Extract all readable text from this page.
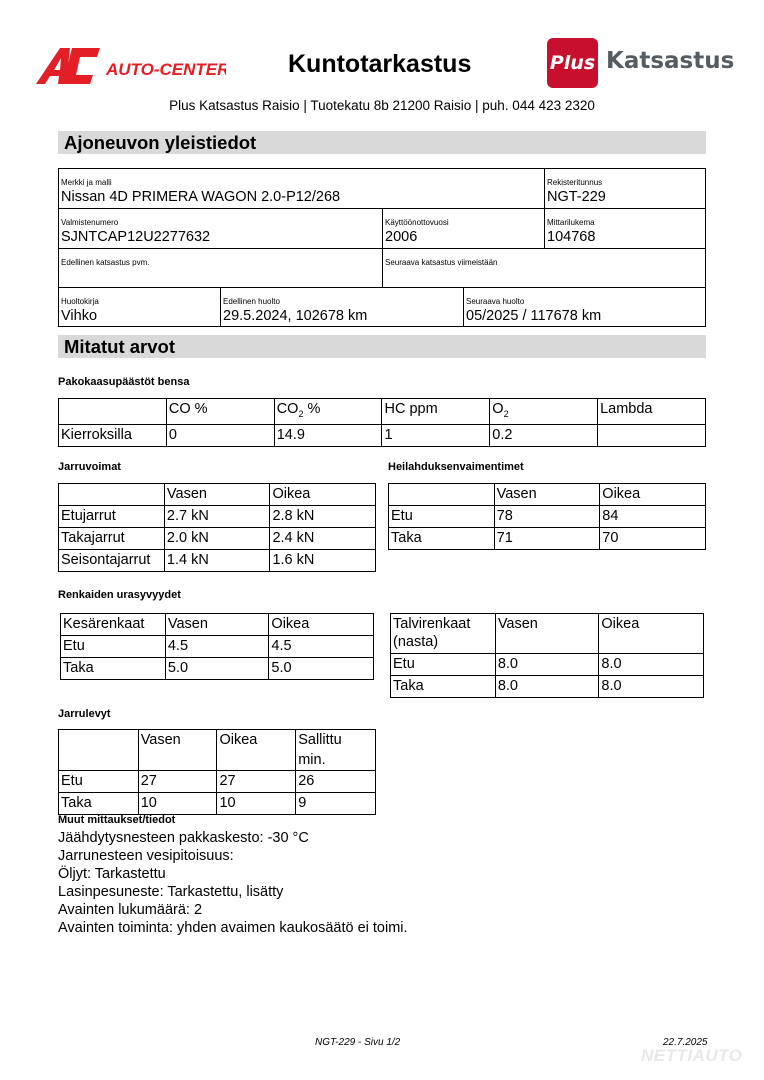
AUTO-CENTER Kuntotarkastus	Plus Katsastus
Plus Katsastus Raisio | Tuotekatu 8b 21200 Raisio | puh. 044 423 2320
Ajoneuvon yleistiedot
Merkki ja malli
Nissan 4D PRIMERA WAGON 2.0-P12/268
Rekisteritunnus
NGT-229
Valmistenumero
SJNTCAP12U2277632
Käyttöönottovuosi
2006
Mittarilukema
104768
Edellinen katsastus pvm.	Seuraava katsastus viimeistään
Huoltokirja
Vihko
Edellinen huolto
29.5.2024, 102678 km
Seuraava huolto
05/2025 / 117678 km
Mitatut arvot
Pakokaasupäästöt bensa
	CO %	$CO_2$ %	HC ppm	$O_2$	Lambda
Kierroksilla	0	14.9	1	0.2	
Jarruvoimat
	Vasen	Oikea
Etujarrut	2.7 kN	2.8 kN
Takajarrut	2.0 kN	2.4 kN
Seisontajarrut	1.4 kN	1.6 kN
Heilahduksenvaimentimet
	Vasen	Oikea
Etu	78	84
Taka	71	70
Renkaiden urasyvyydet
Kesärenkaat	Vasen	Oikea
Etu	4.5	4.5
Taka	5.0	5.0
Talvirenkaat (nasta)	Vasen	Oikea
Etu	8.0	8.0
Taka	8.0	8.0
Jarrulevyt
	Vasen	Oikea	Sallittu min.
Etu	27	27	26
Taka	10	10	9
Muut mittaukset/tiedot
Jäähdytysnesteen pakkaskesto: -30 °C
Jarrunesteen vesipitoisuus:
Öljyt: Tarkastettu
Lasinpesuneste: Tarkastettu, lisätty
Avainten lukumäärä: 2
Avainten toiminta: yhden avaimen kaukosäätö ei toimi.
NGT-229 - Sivu 1/2	22.7.2025
NETTIAUTO
